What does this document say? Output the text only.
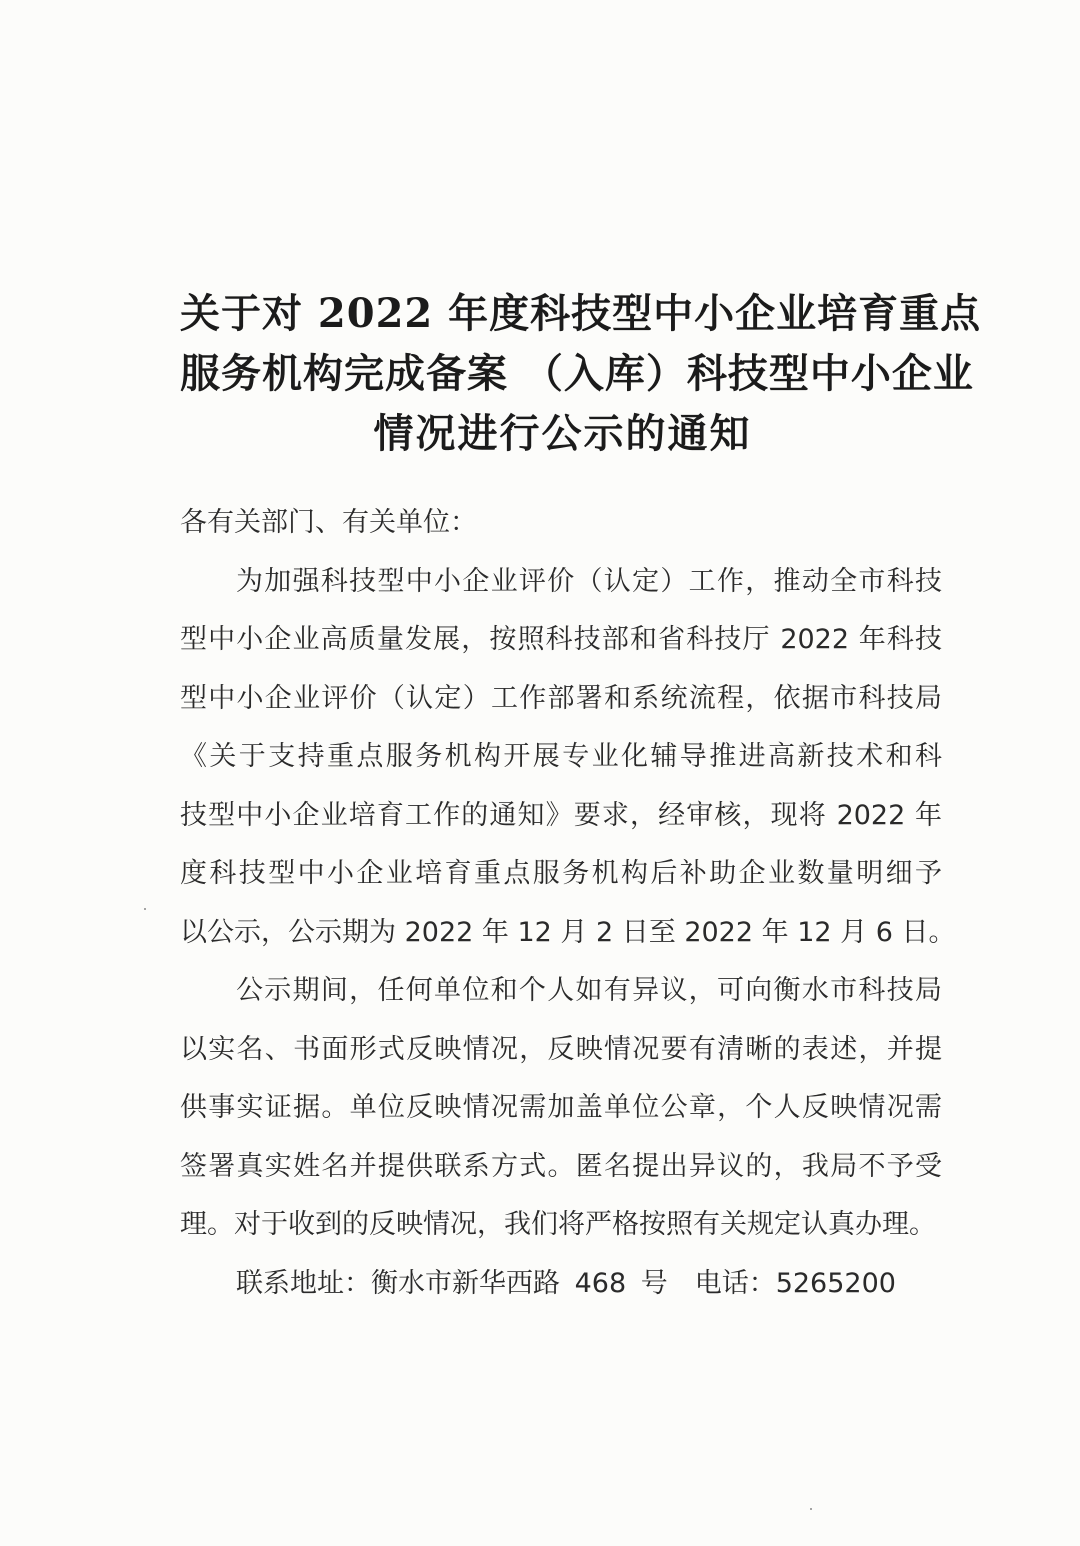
关于对 2022 年度科技型中小企业培育重点
服务机构完成备案 （入库）科技型中小企业
情况进行公示的通知
各有关部门、有关单位：
为加强科技型中小企业评价（认定）工作，推动全市科技
型中小企业高质量发展，按照科技部和省科技厅 2022 年科技
型中小企业评价（认定）工作部署和系统流程，依据市科技局
《关于支持重点服务机构开展专业化辅导推进高新技术和科
技型中小企业培育工作的通知》要求，经审核，现将 2022 年
度科技型中小企业培育重点服务机构后补助企业数量明细予
以公示，公示期为 2022 年 12 月 2 日至 2022 年 12 月 6 日。
公示期间，任何单位和个人如有异议，可向衡水市科技局
以实名、书面形式反映情况，反映情况要有清晰的表述，并提
供事实证据。单位反映情况需加盖单位公章，个人反映情况需
签署真实姓名并提供联系方式。匿名提出异议的，我局不予受
理。对于收到的反映情况，我们将严格按照有关规定认真办理。
联系地址：衡水市新华西路 468 号　电话：5265200
